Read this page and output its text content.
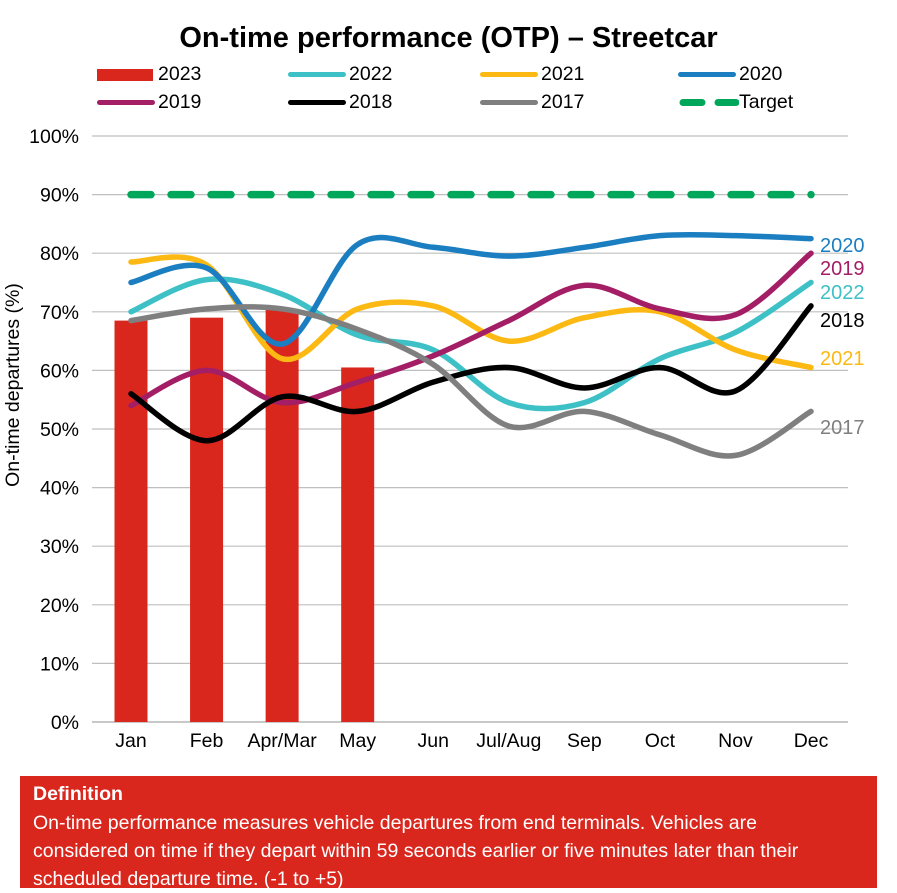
On-time performance (OTP) – Streetcar
2023	2022	2021	2020
2019	2018	2017	Target
0%
10%
20%
30%
40%
50%
60%
70%
80%
90%
100%
On-time departures (%)
Jan Feb Apr/Mar May Jun Jul/Aug Sep Oct Nov Dec
2022
2021
2020
2019
2018
2017
Definition
On-time performance measures vehicle departures from end terminals. Vehicles are considered on time if they depart within 59 seconds earlier or five minutes later than their scheduled departure time. (-1 to +5)
